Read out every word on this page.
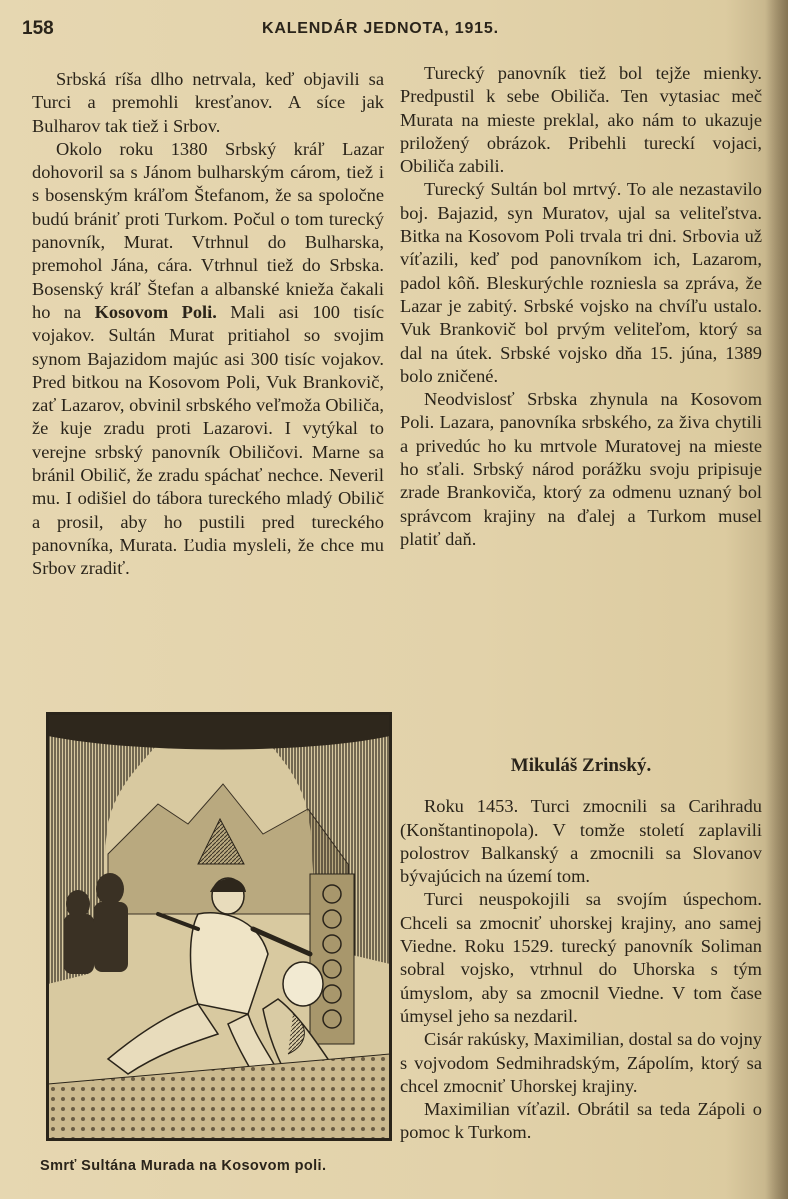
158	KALENDÁR JEDNOTA, 1915.

Srbská ríša dlho netrvala, keď objavili sa Turci a premohli kresťanov. A síce jak Bulharov tak tiež i Srbov.

Okolo roku 1380 Srbský kráľ Lazar dohovoril sa s Jánom bulharským cárom, tiež i s bosenským kráľom Štefanom, že sa spoločne budú brániť proti Turkom. Počul o tom turecký panovník, Murat. Vtrhnul do Bulharska, premohol Jána, cára. Vtrhnul tiež do Srbska. Bosenský kráľ Štefan a albanské knieža čakali ho na Kosovom Poli. Mali asi 100 tisíc vojakov. Sultán Murat pritiahol so svojim synom Bajazidom majúc asi 300 tisíc vojakov. Pred bitkou na Kosovom Poli, Vuk Brankovič, zať Lazarov, obvinil srbského veľmoža Obiliča, že kuje zradu proti Lazarovi. I vytýkal to verejne srbský panovník Obiličovi. Marne sa bránil Obilič, že zradu spáchať nechce. Neveril mu. I odišiel do tábora tureckého mladý Obilič a prosil, aby ho pustili pred tureckého panovníka, Murata. Ľudia mysleli, že chce mu Srbov zradiť.

Turecký panovník tiež bol tejže mienky. Predpustil k sebe Obiliča. Ten vytasiac meč Murata na mieste preklal, ako nám to ukazuje priložený obrázok. Pribehli tureckí vojaci, Obiliča zabili.

Turecký Sultán bol mrtvý. To ale nezastavilo boj. Bajazid, syn Muratov, ujal sa veliteľstva. Bitka na Kosovom Poli trvala tri dni. Srbovia už víťazili, keď pod panovníkom ich, Lazarom, padol kôň. Bleskurýchle rozniesla sa zpráva, že Lazar je zabitý. Srbské vojsko na chvíľu ustalo. Vuk Brankovič bol prvým veliteľom, ktorý sa dal na útek. Srbské vojsko dňa 15. júna, 1389 bolo zničené.

Neodvislosť Srbska zhynula na Kosovom Poli. Lazara, panovníka srbského, za živa chytili a privedúc ho ku mrtvole Muratovej na mieste ho sťali. Srbský národ porážku svoju pripisuje zrade Brankoviča, ktorý za odmenu uznaný bol správcom krajiny na ďalej a Turkom musel platiť daň.

Mikuláš Zrinský.

Roku 1453. Turci zmocnili sa Carihradu (Konštantinopola). V tomže století zaplavili polostrov Balkanský a zmocnili sa Slovanov bývajúcich na území tom.

Turci neuspokojili sa svojím úspechom. Chceli sa zmocniť uhorskej krajiny, ano samej Viedne. Roku 1529. turecký panovník Soliman sobral vojsko, vtrhnul do Uhorska s tým úmyslom, aby sa zmocnil Viedne. V tom čase úmysel jeho sa nezdaril.

Cisár rakúsky, Maximilian, dostal sa do vojny s vojvodom Sedmihradským, Zápolím, ktorý sa chcel zmocniť Uhorskej krajiny.

Maximilian víťazil. Obrátil sa teda Zápoli o pomoc k Turkom.

Smrť Sultána Murada na Kosovom poli.
